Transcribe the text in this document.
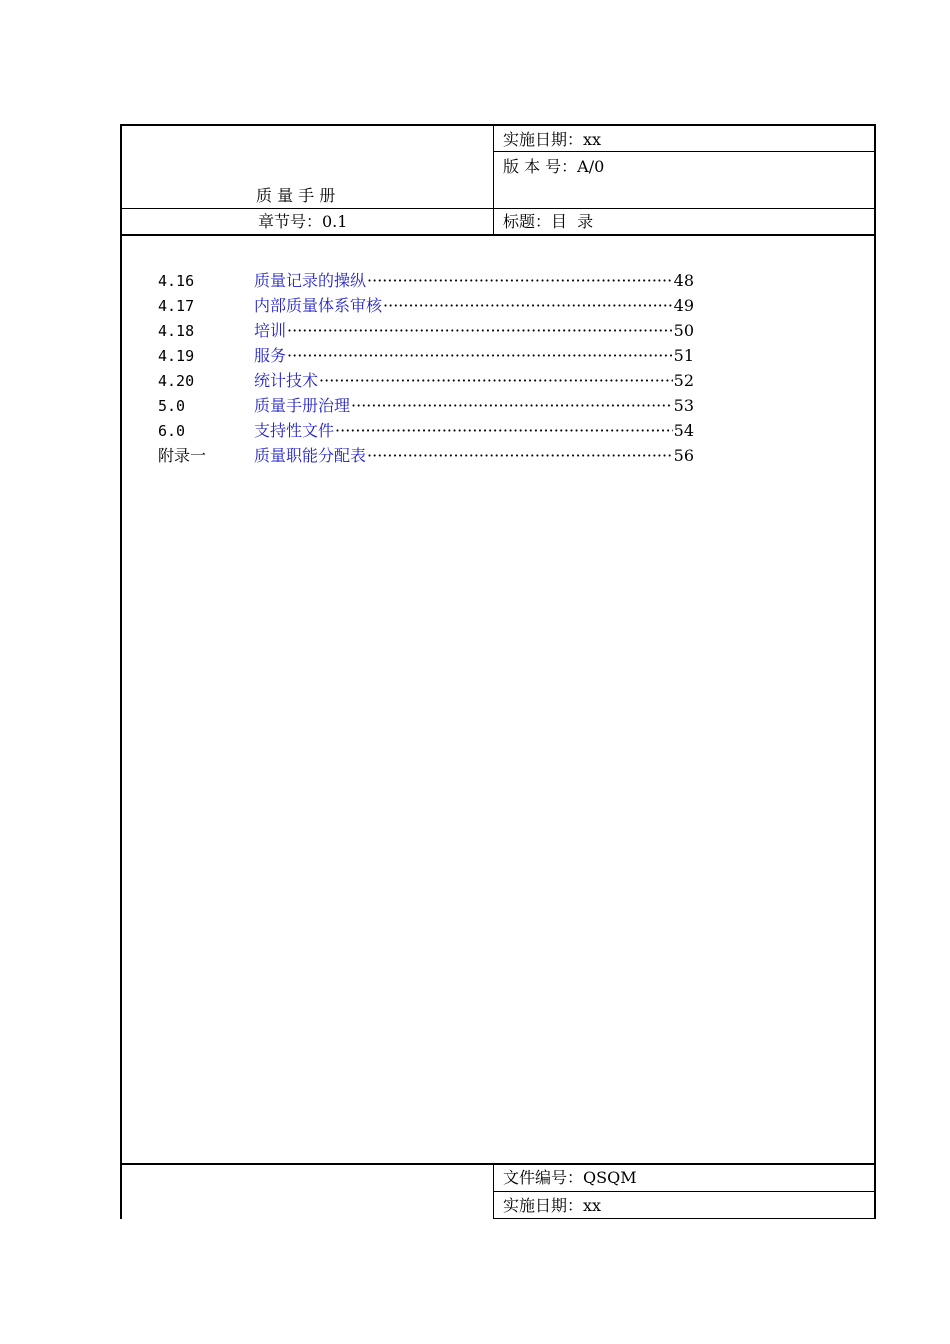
质 量 手 册
章节号：0.1
实施日期：xx
版 本 号：A/0
标题：目  录
4.16	质量记录的操纵 ·····	48
4.17	内部质量体系审核 ·····	49
4.18	培训 ·····	50
4.19	服务 ·····	51
4.20	统计技术 ·····	52
5.0	质量手册治理 ·····	53
6.0	支持性文件 ·····	54
附录一	质量职能分配表 ·····	56
文件编号：QSQM
实施日期：xx
